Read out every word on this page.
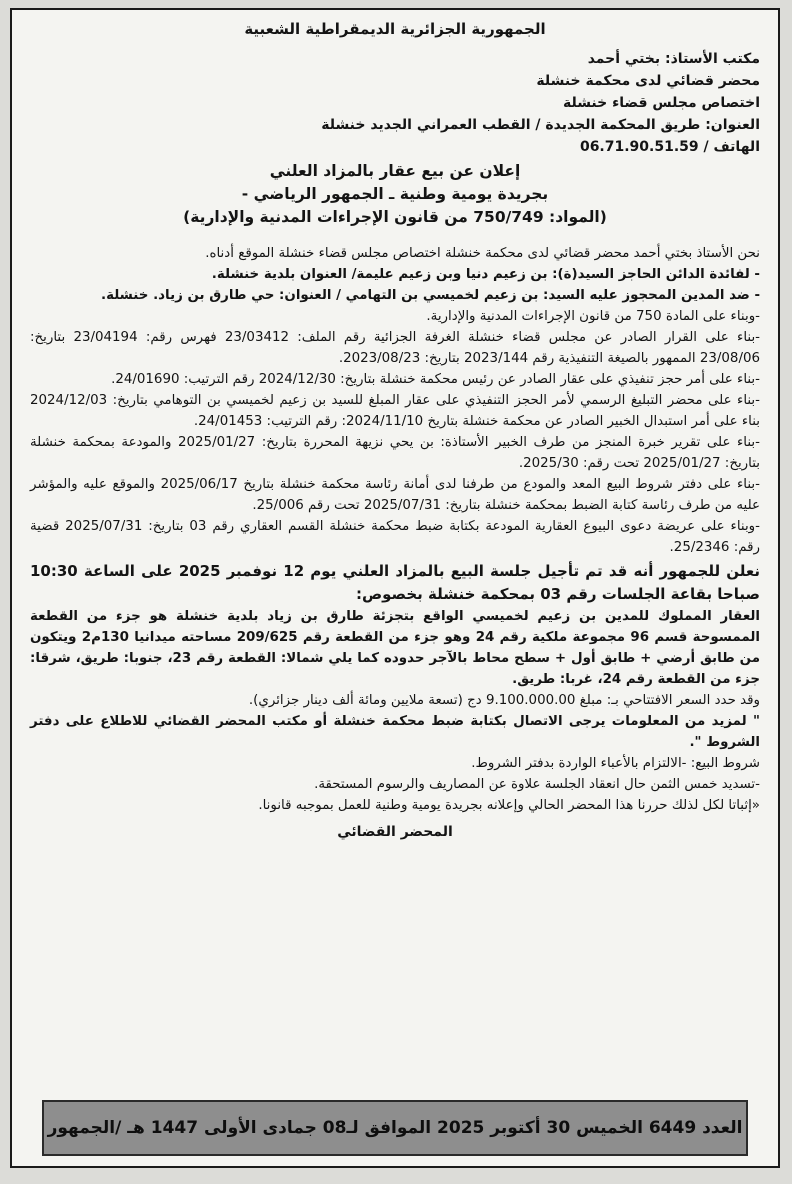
الجمهورية الجزائرية الديمقراطية الشعبية
مكتب الأستاذ: بختي أحمد
محضر قضائي لدى محكمة خنشلة
اختصاص مجلس قضاء خنشلة
العنوان: طريق المحكمة الجديدة / القطب العمراني الجديد خنشلة
الهاتف / 06.71.90.51.59
إعلان عن بيع عقار بالمزاد العلني
بجريدة يومية وطنية ـ الجمهور الرياضي -
(المواد: 750/749 من قانون الإجراءات المدنية والإدارية)

نحن الأستاذ بختي أحمد محضر قضائي لدى محكمة خنشلة اختصاص مجلس قضاء خنشلة الموقع أدناه.

- لفائدة الدائن الحاجز السيد(ة): بن زعيم دنيا وبن زعيم عليمة/ العنوان بلدية خنشلة.

- ضد المدين المحجوز عليه السيد: بن زعيم لخميسي بن التهامي / العنوان: حي طارق بن زياد. خنشلة.

-وبناء على المادة 750 من قانون الإجراءات المدنية والإدارية.

-بناء على القرار الصادر عن مجلس قضاء خنشلة الغرفة الجزائية رقم الملف: 23/03412 فهرس رقم: 23/04194 بتاريخ: 23/08/06 الممهور بالصيغة التنفيذية رقم 2023/144 بتاريخ: 2023/08/23.

-بناء على أمر حجز تنفيذي على عقار الصادر عن رئيس محكمة خنشلة بتاريخ: 2024/12/30 رقم الترتيب: 24/01690.

-بناء على محضر التبليغ الرسمي لأمر الحجز التنفيذي على عقار المبلغ للسيد بن زعيم لخميسي بن التوهامي بتاريخ: 2024/12/03 بناء على أمر استبدال الخبير الصادر عن محكمة خنشلة بتاريخ 2024/11/10: رقم الترتيب: 24/01453.

-بناء على تقرير خبرة المنجز من طرف الخبير الأستاذة: بن يحي نزيهة المحررة بتاريخ: 2025/01/27 والمودعة بمحكمة خنشلة بتاريخ: 2025/01/27 تحت رقم: 2025/30.

-بناء على دفتر شروط البيع المعد والمودع من طرفنا لدى أمانة رئاسة محكمة خنشلة بتاريخ 2025/06/17 والموقع عليه والمؤشر عليه من طرف رئاسة كتابة الضبط بمحكمة خنشلة بتاريخ: 2025/07/31 تحت رقم 25/006.

-وبناء على عريضة دعوى البيوع العقارية المودعة بكتابة ضبط محكمة خنشلة القسم العقاري رقم 03 بتاريخ: 2025/07/31 قضية رقم: 25/2346.

نعلن للجمهور أنه قد تم تأجيل جلسة البيع بالمزاد العلني يوم 12 نوفمبر 2025 على الساعة 10:30 صباحا بقاعة الجلسات رقم 03 بمحكمة خنشلة بخصوص:

العقار المملوك للمدين بن زعيم لخميسي الواقع بتجزئة طارق بن زياد بلدية خنشلة هو جزء من القطعة الممسوحة قسم 96 مجموعة ملكية رقم 24 وهو جزء من القطعة رقم 209/625 مساحته ميدانيا 130م2 ويتكون من طابق أرضي + طابق أول + سطح محاط بالآجر حدوده كما يلي شمالا: القطعة رقم 23، جنوبا: طريق، شرقا: جزء من القطعة رقم 24، غربا: طريق.

وقد حدد السعر الافتتاحي بـ: مبلغ 9.100.000.00 دج (تسعة ملايين ومائة ألف دينار جزائري).

" لمزيد من المعلومات يرجى الاتصال بكتابة ضبط محكمة خنشلة أو مكتب المحضر القضائي للاطلاع على دفتر الشروط ".

شروط البيع: -الالتزام بالأعباء الواردة بدفتر الشروط.

-تسديد خمس الثمن حال انعقاد الجلسة علاوة عن المصاريف والرسوم المستحقة.

«إثباتا لكل لذلك حررنا هذا المحضر الحالي وإعلانه بجريدة يومية وطنية للعمل بموجبه قانونا.

المحضر القضائي
العدد 6449 الخميس 30 أكتوبر 2025 الموافق لـ08 جمادى الأولى 1447 هـ /الجمهور
